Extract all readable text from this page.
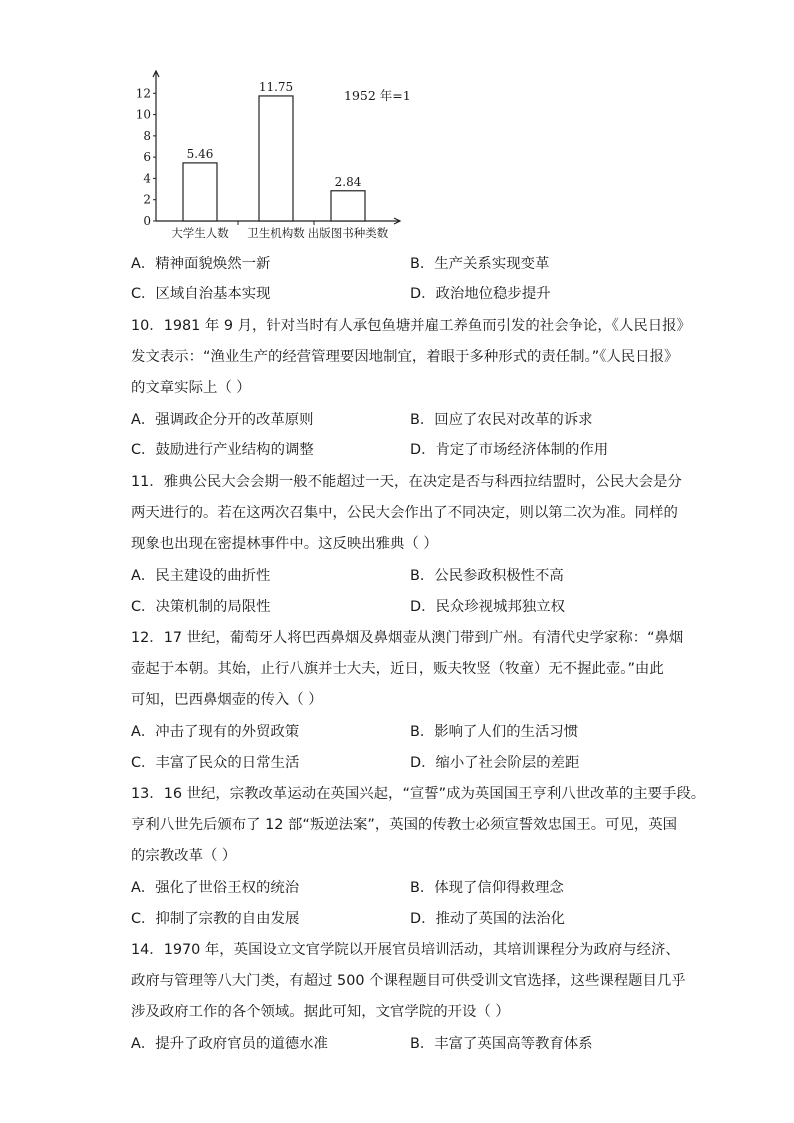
0
2
4
6
8
10
12
5.46
大学生人数
11.75
卫生机构数
2.84
出版图书种类数
1952 年=1
A．精神面貌焕然一新	B．生产关系实现变革
C．区域自治基本实现	D．政治地位稳步提升
10．1981 年 9 月，针对当时有人承包鱼塘并雇工养鱼而引发的社会争论，《人民日报》
发文表示：“渔业生产的经营管理要因地制宜，着眼于多种形式的责任制。”《人民日报》
的文章实际上（ ）
A．强调政企分开的改革原则	B．回应了农民对改革的诉求
C．鼓励进行产业结构的调整	D．肯定了市场经济体制的作用
11．雅典公民大会会期一般不能超过一天，在决定是否与科西拉结盟时，公民大会是分
两天进行的。若在这两次召集中，公民大会作出了不同决定，则以第二次为准。同样的
现象也出现在密提林事件中。这反映出雅典（ ）
A．民主建设的曲折性	B．公民参政积极性不高
C．决策机制的局限性	D．民众珍视城邦独立权
12．17 世纪，葡萄牙人将巴西鼻烟及鼻烟壶从澳门带到广州。有清代史学家称：“鼻烟
壶起于本朝。其始，止行八旗并士大夫，近日，贩夫牧竖（牧童）无不握此壶。”由此
可知，巴西鼻烟壶的传入（ ）
A．冲击了现有的外贸政策	B．影响了人们的生活习惯
C．丰富了民众的日常生活	D．缩小了社会阶层的差距
13．16 世纪，宗教改革运动在英国兴起，“宣誓”成为英国国王亨利八世改革的主要手段。
亨利八世先后颁布了 12 部“叛逆法案”，英国的传教士必须宣誓效忠国王。可见，英国
的宗教改革（ ）
A．强化了世俗王权的统治	B．体现了信仰得救理念
C．抑制了宗教的自由发展	D．推动了英国的法治化
14．1970 年，英国设立文官学院以开展官员培训活动，其培训课程分为政府与经济、
政府与管理等八大门类，有超过 500 个课程题目可供受训文官选择，这些课程题目几乎
涉及政府工作的各个领域。据此可知，文官学院的开设（ ）
A．提升了政府官员的道德水准	B．丰富了英国高等教育体系
